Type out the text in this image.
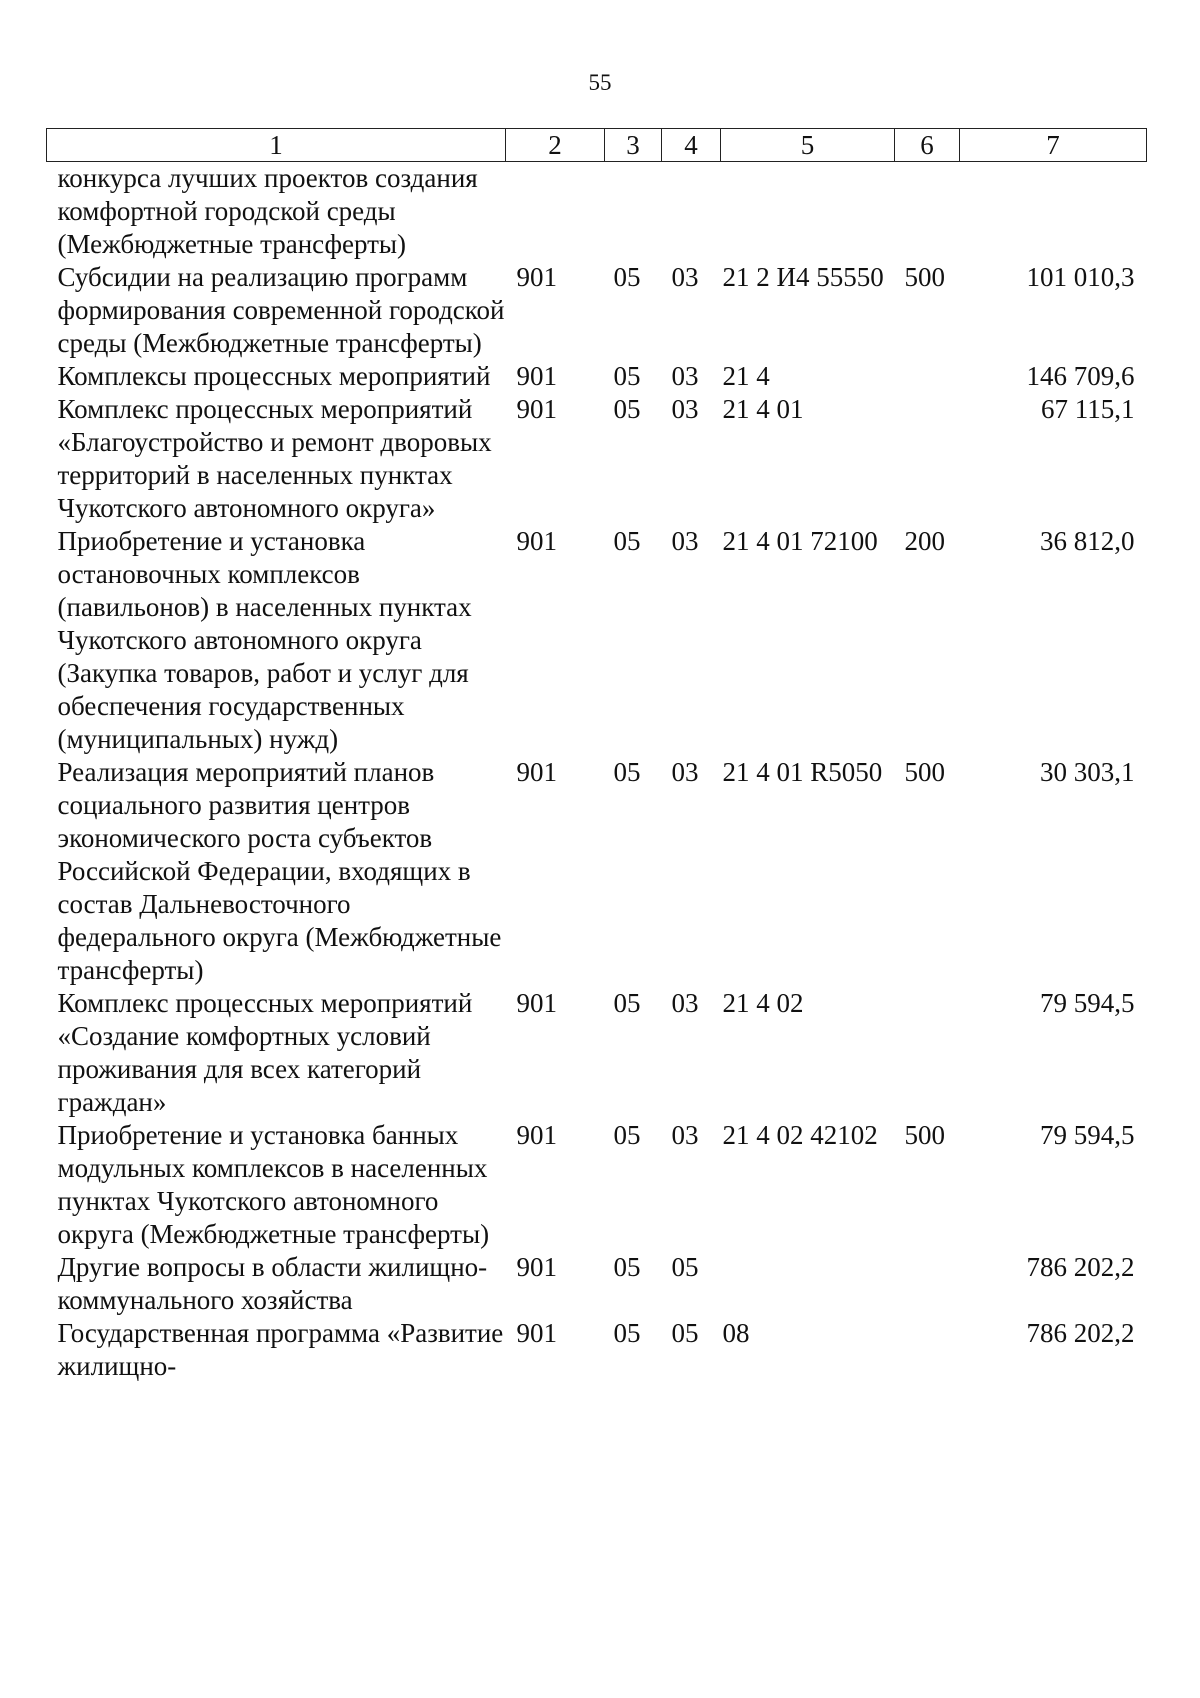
55
1	2	3	4	5	6	7
конкурса лучших проектов создания комфортной городской среды (Межбюджетные трансферты)						
Субсидии на реализацию программ формирования современной городской среды (Межбюджетные трансферты)	901	05	03	21 2 И4 55550	500	101 010,3
Комплексы процессных мероприятий	901	05	03	21 4		146 709,6
Комплекс процессных мероприятий «Благоустройство и ремонт дворовых территорий в населенных пунктах Чукотского автономного округа»	901	05	03	21 4 01		67 115,1
Приобретение и установка остановочных комплексов (павильонов) в населенных пунктах Чукотского автономного округа (Закупка товаров, работ и услуг для обеспечения государственных (муниципальных) нужд)	901	05	03	21 4 01 72100	200	36 812,0
Реализация мероприятий планов социального развития центров экономического роста субъектов Российской Федерации, входящих в состав Дальневосточного федерального округа (Межбюджетные трансферты)	901	05	03	21 4 01 R5050	500	30 303,1
Комплекс процессных мероприятий «Создание комфортных условий проживания для всех категорий граждан»	901	05	03	21 4 02		79 594,5
Приобретение и установка банных модульных комплексов в населенных пунктах Чукотского автономного округа (Межбюджетные трансферты)	901	05	03	21 4 02 42102	500	79 594,5
Другие вопросы в области жилищно-коммунального хозяйства	901	05	05			786 202,2
Государственная программа «Развитие жилищно-	901	05	05	08		786 202,2
